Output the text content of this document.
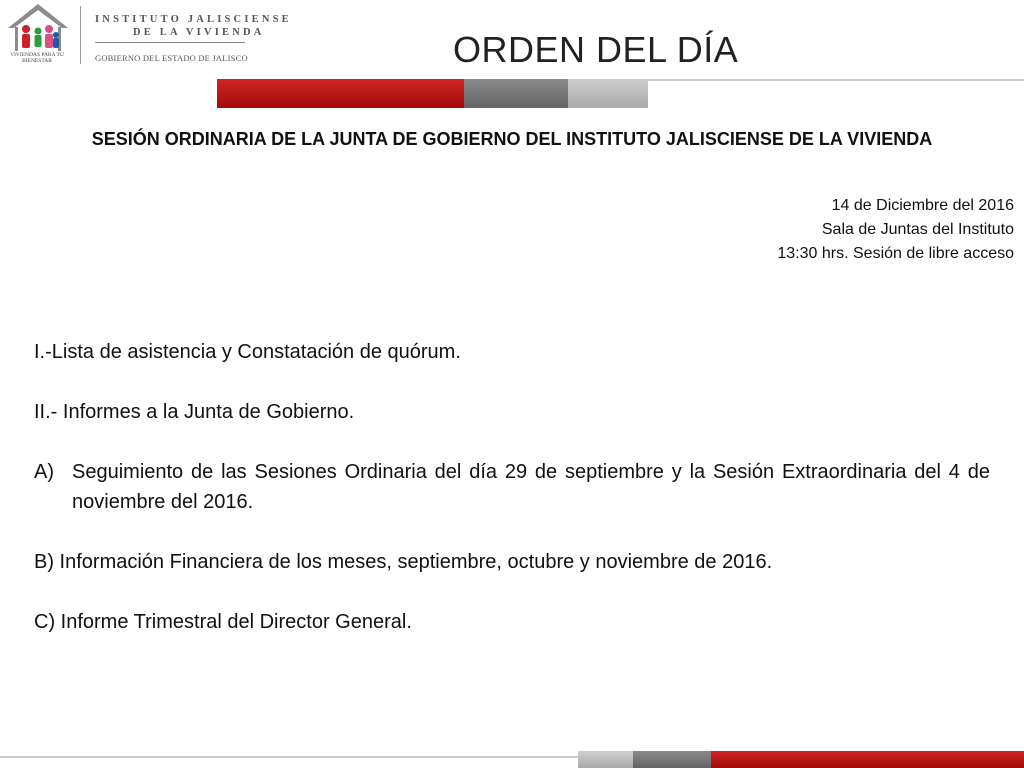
VIVIENDAS PARA TU BIENESTAR
INSTITUTO JALISCIENSE
DE LA VIVIENDA
GOBIERNO DEL ESTADO DE JALISCO	ORDEN DEL DÍA
SESIÓN ORDINARIA DE LA JUNTA DE GOBIERNO DEL INSTITUTO JALISCIENSE DE LA VIVIENDA
14 de Diciembre del 2016
Sala de Juntas del Instituto
13:30 hrs. Sesión de libre acceso
I.-Lista de asistencia y Constatación de quórum.
II.- Informes a la Junta de Gobierno.
A) Seguimiento de las Sesiones Ordinaria del día 29 de septiembre y la Sesión Extraordinaria del 4 de noviembre del 2016.
B) Información Financiera de los meses, septiembre, octubre y noviembre de 2016.
C) Informe Trimestral del Director General.
